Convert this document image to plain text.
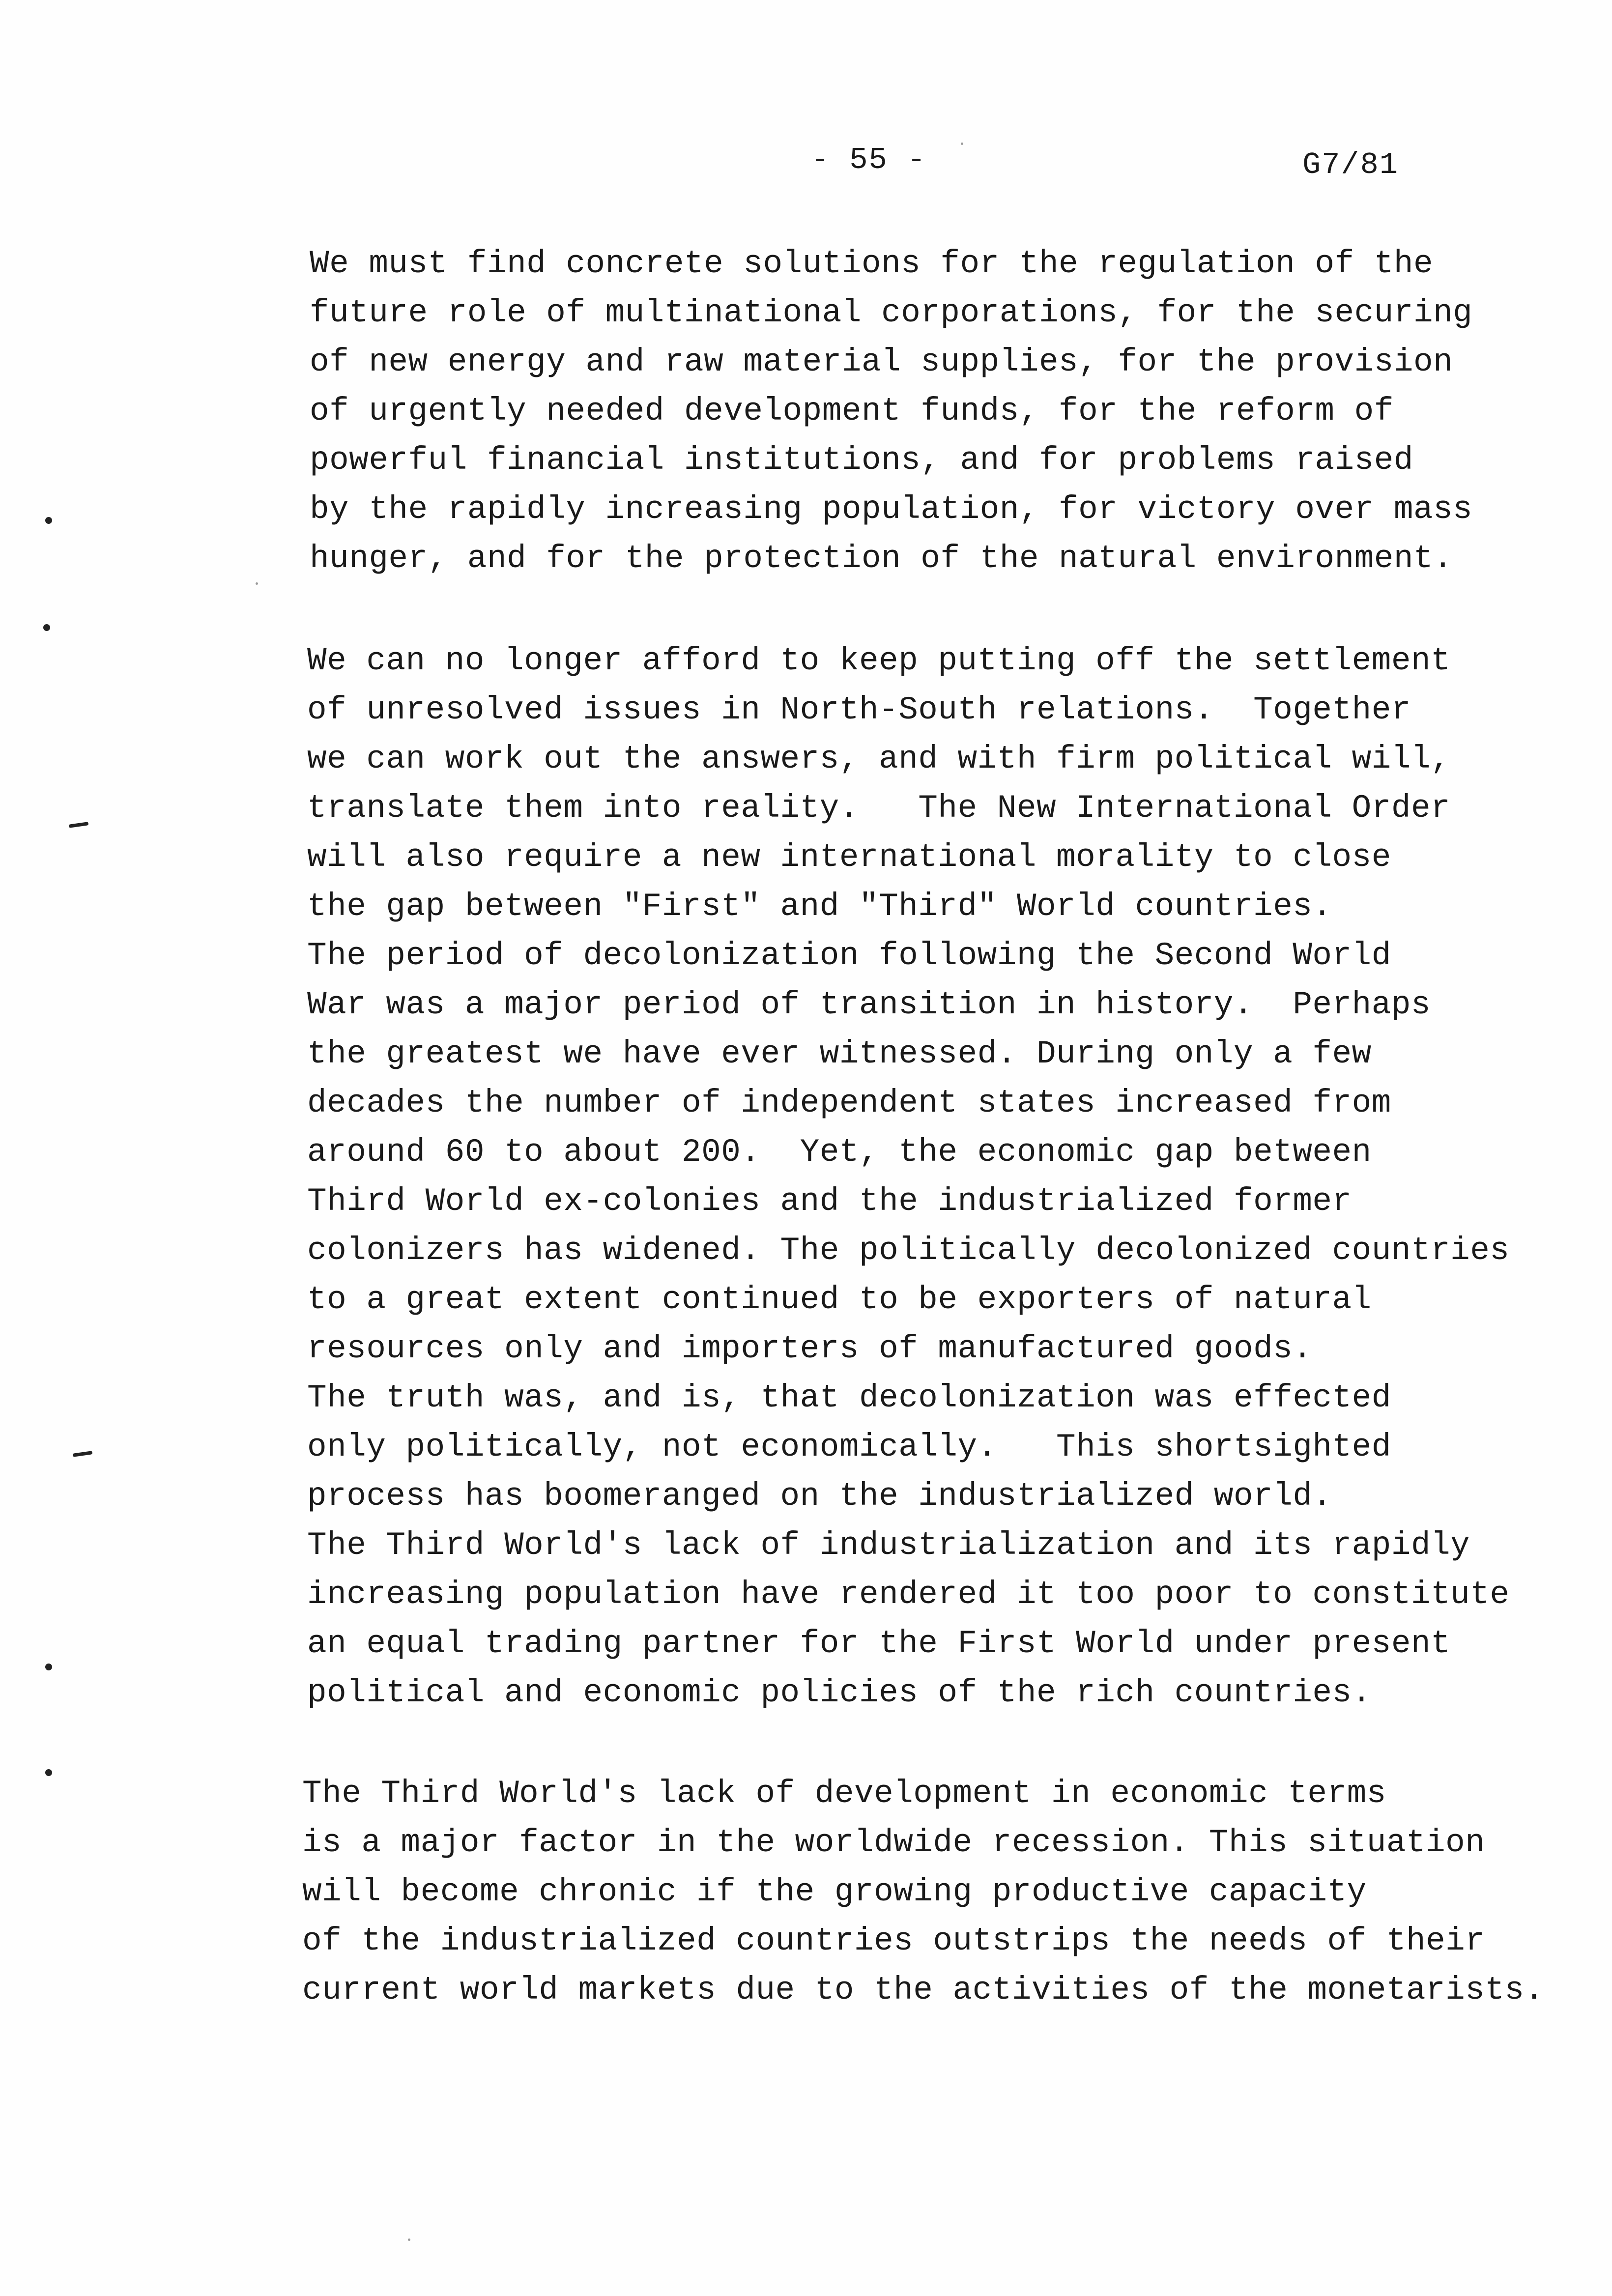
- 55 -	G7/81
We must find concrete solutions for the regulation of the
future role of multinational corporations, for the securing
of new energy and raw material supplies, for the provision
of urgently needed development funds, for the reform of
powerful financial institutions, and for problems raised
by the rapidly increasing population, for victory over mass
hunger, and for the protection of the natural environment.
We can no longer afford to keep putting off the settlement
of unresolved issues in North-South relations.  Together
we can work out the answers, and with firm political will,
translate them into reality.   The New International Order
will also require a new international morality to close
the gap between "First" and "Third" World countries.
The period of decolonization following the Second World
War was a major period of transition in history.  Perhaps
the greatest we have ever witnessed. During only a few
decades the number of independent states increased from
around 60 to about 200.  Yet, the economic gap between
Third World ex-colonies and the industrialized former
colonizers has widened. The politically decolonized countries
to a great extent continued to be exporters of natural
resources only and importers of manufactured goods.
The truth was, and is, that decolonization was effected
only politically, not economically.   This shortsighted
process has boomeranged on the industrialized world.
The Third World's lack of industrialization and its rapidly
increasing population have rendered it too poor to constitute
an equal trading partner for the First World under present
political and economic policies of the rich countries.
The Third World's lack of development in economic terms
is a major factor in the worldwide recession. This situation
will become chronic if the growing productive capacity
of the industrialized countries outstrips the needs of their
current world markets due to the activities of the monetarists.
